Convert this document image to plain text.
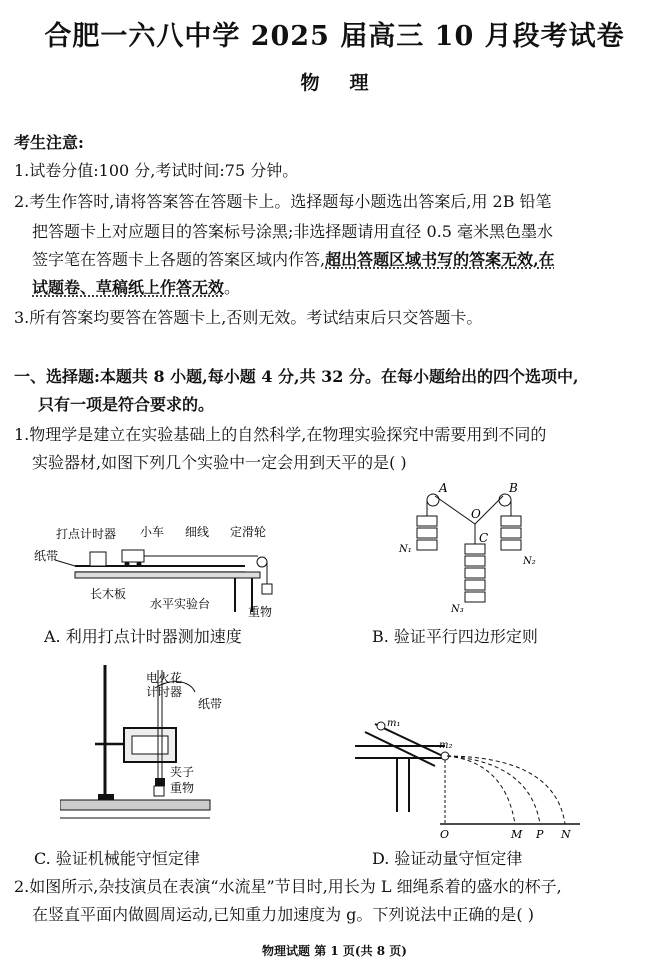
合肥一六八中学 2025 届高三 10 月段考试卷
物理
考生注意:
1.试卷分值:100 分,考试时间:75 分钟。
2.考生作答时,请将答案答在答题卡上。选择题每小题选出答案后,用 2B 铅笔
把答题卡上对应题目的答案标号涂黑;非选择题请用直径 0.5 毫米黑色墨水
签字笔在答题卡上各题的答案区域内作答,超出答题区域书写的答案无效,在
试题卷、草稿纸上作答无效。
3.所有答案均要答在答题卡上,否则无效。考试结束后只交答题卡。
一、选择题:本题共 8 小题,每小题 4 分,共 32 分。在每小题给出的四个选项中,
只有一项是符合要求的。
1.物理学是建立在实验基础上的自然科学,在物理实验探究中需要用到不同的
实验器材,如图下列几个实验中一定会用到天平的是( )
打点计时器 小车 细线 定滑轮
纸带
长木板
水平实验台
重物
A. 利用打点计时器测加速度
A	B
O
C
N₁
N₂
N₃
B. 验证平行四边形定则
电火花
计时器
纸带
夹子
重物
C. 验证机械能守恒定律
m₁
m₂
O	M P N
D. 验证动量守恒定律
2.如图所示,杂技演员在表演“水流星”节目时,用长为 L 细绳系着的盛水的杯子,
在竖直平面内做圆周运动,已知重力加速度为 g。下列说法中正确的是( )
物理试题 第 1 页(共 8 页)
